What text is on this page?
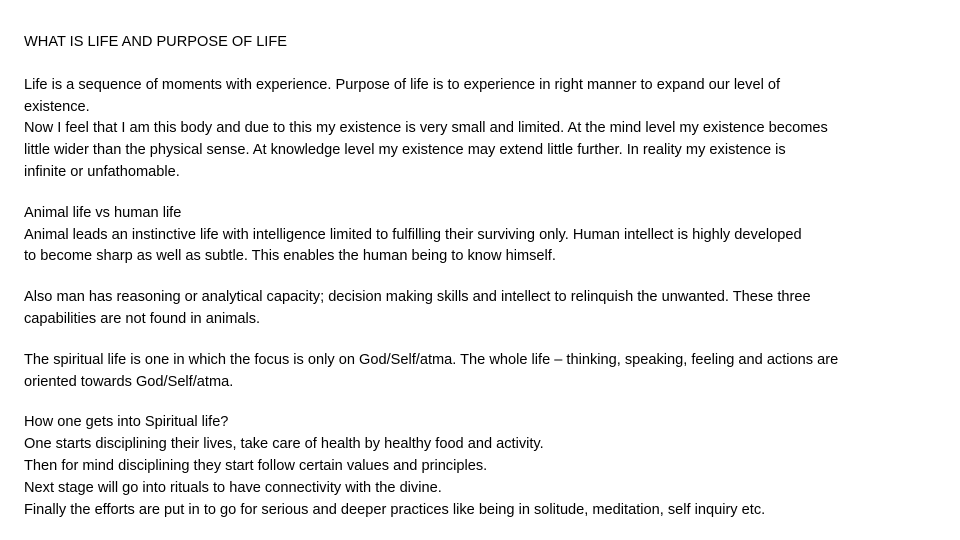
WHAT IS LIFE AND PURPOSE OF LIFE

Life is a sequence of moments with experience. Purpose of life is to experience in right manner to expand our level of
existence.
Now I feel that I am this body and due to this my existence is very small and limited. At the mind level my existence becomes
little wider than the physical sense. At knowledge level my existence may extend little further. In reality my existence is
infinite or unfathomable.

Animal life vs human life
Animal leads an instinctive life with intelligence limited to fulfilling their surviving only. Human intellect is highly developed
to become sharp as well as subtle. This enables the human being to know himself.

Also man has reasoning or analytical capacity; decision making skills and intellect to relinquish the unwanted. These three
capabilities are not found in animals.

The spiritual life is one in which the focus is only on God/Self/atma. The whole life – thinking, speaking, feeling and actions are
oriented towards God/Self/atma.

How one gets into Spiritual life?
One starts disciplining their lives, take care of health by healthy food and activity.
Then for mind disciplining they start follow certain values and principles.
Next stage will go into rituals to have connectivity with the divine.
Finally the efforts are put in to go for serious and deeper practices like being in solitude, meditation, self inquiry etc.
